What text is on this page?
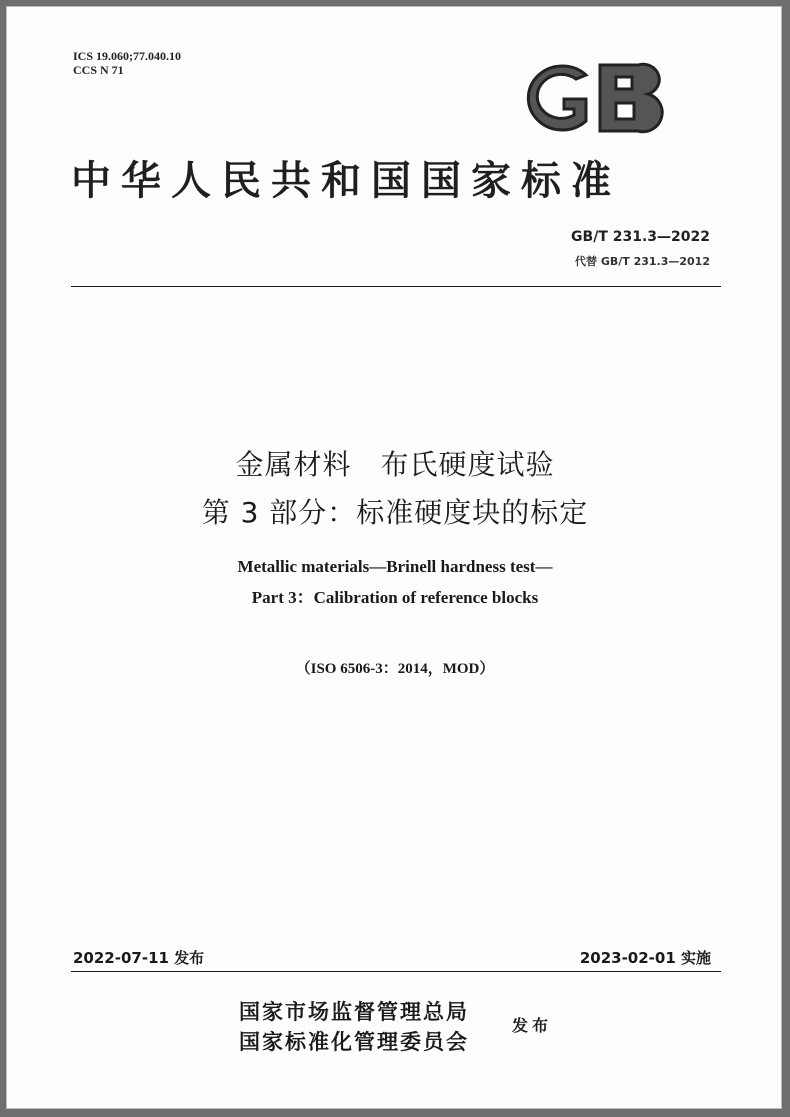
ICS 19.060;77.040.10
CCS N 71
中华人民共和国国家标准
GB/T 231.3—2022
代替 GB/T 231.3—2012
金属材料　布氏硬度试验
第 3 部分：标准硬度块的标定
Metallic materials—Brinell hardness test—
Part 3：Calibration of reference blocks
（ISO 6506-3：2014，MOD）
2022-07-11 发布	2023-02-01 实施
国家市场监督管理总局
国家标准化管理委员会
发布
